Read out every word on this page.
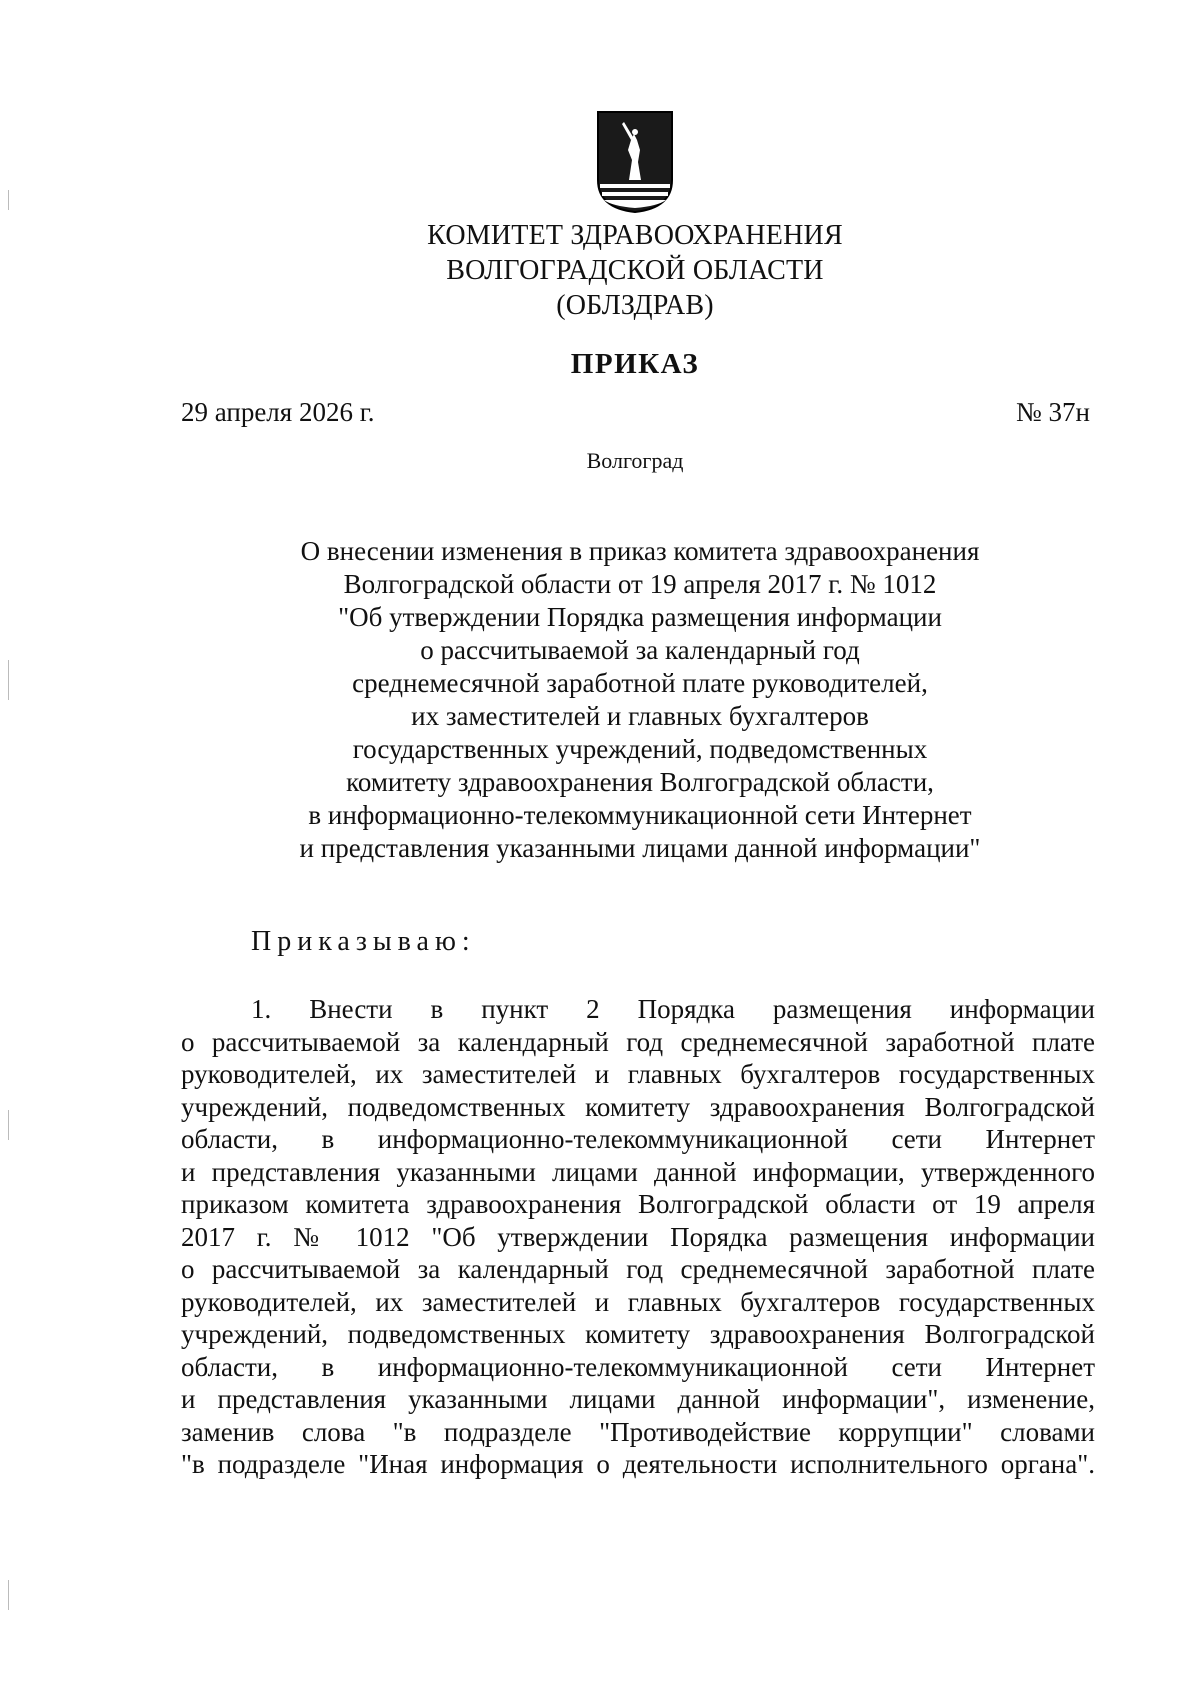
КОМИТЕТ ЗДРАВООХРАНЕНИЯ
ВОЛГОГРАДСКОЙ ОБЛАСТИ
(ОБЛЗДРАВ)
ПРИКАЗ
29 апреля 2026 г.	№ 37н
Волгоград
О внесении изменения в приказ комитета здравоохранения
Волгоградской области от 19 апреля 2017 г. № 1012
"Об утверждении Порядка размещения информации
о рассчитываемой за календарный год
среднемесячной заработной плате руководителей,
их заместителей и главных бухгалтеров
государственных учреждений, подведомственных
комитету здравоохранения Волгоградской области,
в информационно-телекоммуникационной сети Интернет
и представления указанными лицами данной информации"
Приказываю:
1. Внести в пункт 2 Порядка размещения информации
о рассчитываемой за календарный год среднемесячной заработной плате
руководителей, их заместителей и главных бухгалтеров государственных
учреждений, подведомственных комитету здравоохранения Волгоградской
области, в информационно-телекоммуникационной сети Интернет
и представления указанными лицами данной информации, утвержденного
приказом комитета здравоохранения Волгоградской области от 19 апреля
2017 г. № 1012 "Об утверждении Порядка размещения информации
о рассчитываемой за календарный год среднемесячной заработной плате
руководителей, их заместителей и главных бухгалтеров государственных
учреждений, подведомственных комитету здравоохранения Волгоградской
области, в информационно-телекоммуникационной сети Интернет
и представления указанными лицами данной информации", изменение,
заменив слова "в подразделе "Противодействие коррупции" словами
"в подразделе "Иная информация о деятельности исполнительного органа".
